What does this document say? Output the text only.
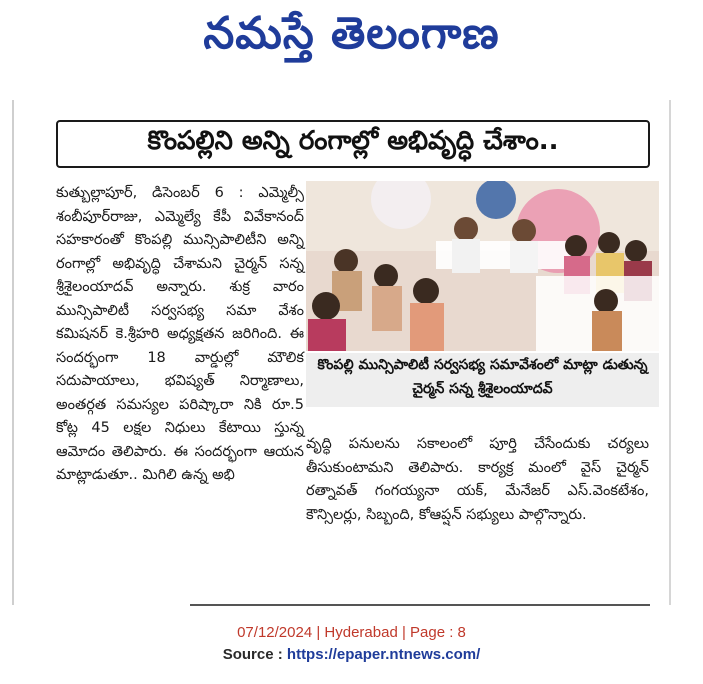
నమస్తే తెలంగాణ
కొంపల్లిని అన్ని రంగాల్లో అభివృద్ధి చేశాం..
కుత్బుల్లాపూర్, డిసెంబర్ 6 : ఎమ్మెల్సీ శంబీపూర్‌రాజు, ఎమ్మెల్యే కేపీ వివేకానంద్ సహకారంతో కొంపల్లి మున్సిపాలిటీని అన్ని రంగాల్లో అభివృద్ధి చేశామని చైర్మన్ సన్న శ్రీశైలంయాదవ్ అన్నారు. శుక్ర వారం మున్సిపాలిటీ సర్వసభ్య సమా వేశం కమిషనర్ కె.శ్రీహరి అధ్యక్షతన జరిగింది. ఈ సందర్భంగా 18 వార్డుల్లో మౌలిక సదుపాయాలు, భవిష్యత్ నిర్మాణాలు, అంతర్గత సమస్యల పరిష్కారా నికి రూ.5 కోట్ల 45 లక్షల నిధులు కేటాయి స్తున్న ఆమోదం తెలిపారు. ఈ సందర్భంగా ఆయన మాట్లాడుతూ.. మిగిలి ఉన్న అభి
కొంపల్లి మున్సిపాలిటీ సర్వసభ్య సమావేశంలో మాట్లా డుతున్న చైర్మన్ సన్న శ్రీశైలంయాదవ్
వృద్ధి పనులను సకాలంలో పూర్తి చేసేందుకు చర్యలు తీసుకుంటామని తెలిపారు. కార్యక్ర మంలో వైస్ చైర్మన్ రత్నావత్ గంగయ్యనా యక్, మేనేజర్ ఎస్.వెంకటేశం, కౌన్సిలర్లు, సిబ్బంది, కోఆప్షన్ సభ్యులు పాల్గొన్నారు.
07/12/2024 | Hyderabad | Page : 8
Source : https://epaper.ntnews.com/
